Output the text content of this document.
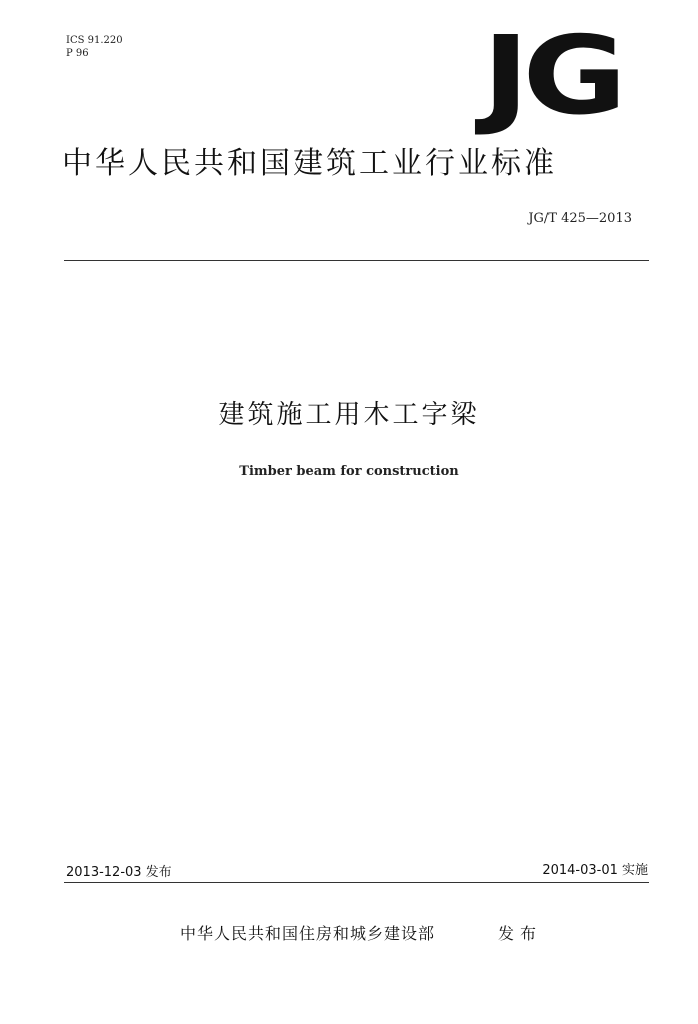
ICS 91.220
P 96	JG
中华人民共和国建筑工业行业标准
JG/T 425—2013
建筑施工用木工字梁
Timber beam for construction
2013-12-03 发布	2014-03-01 实施
中华人民共和国住房和城乡建设部	发布
